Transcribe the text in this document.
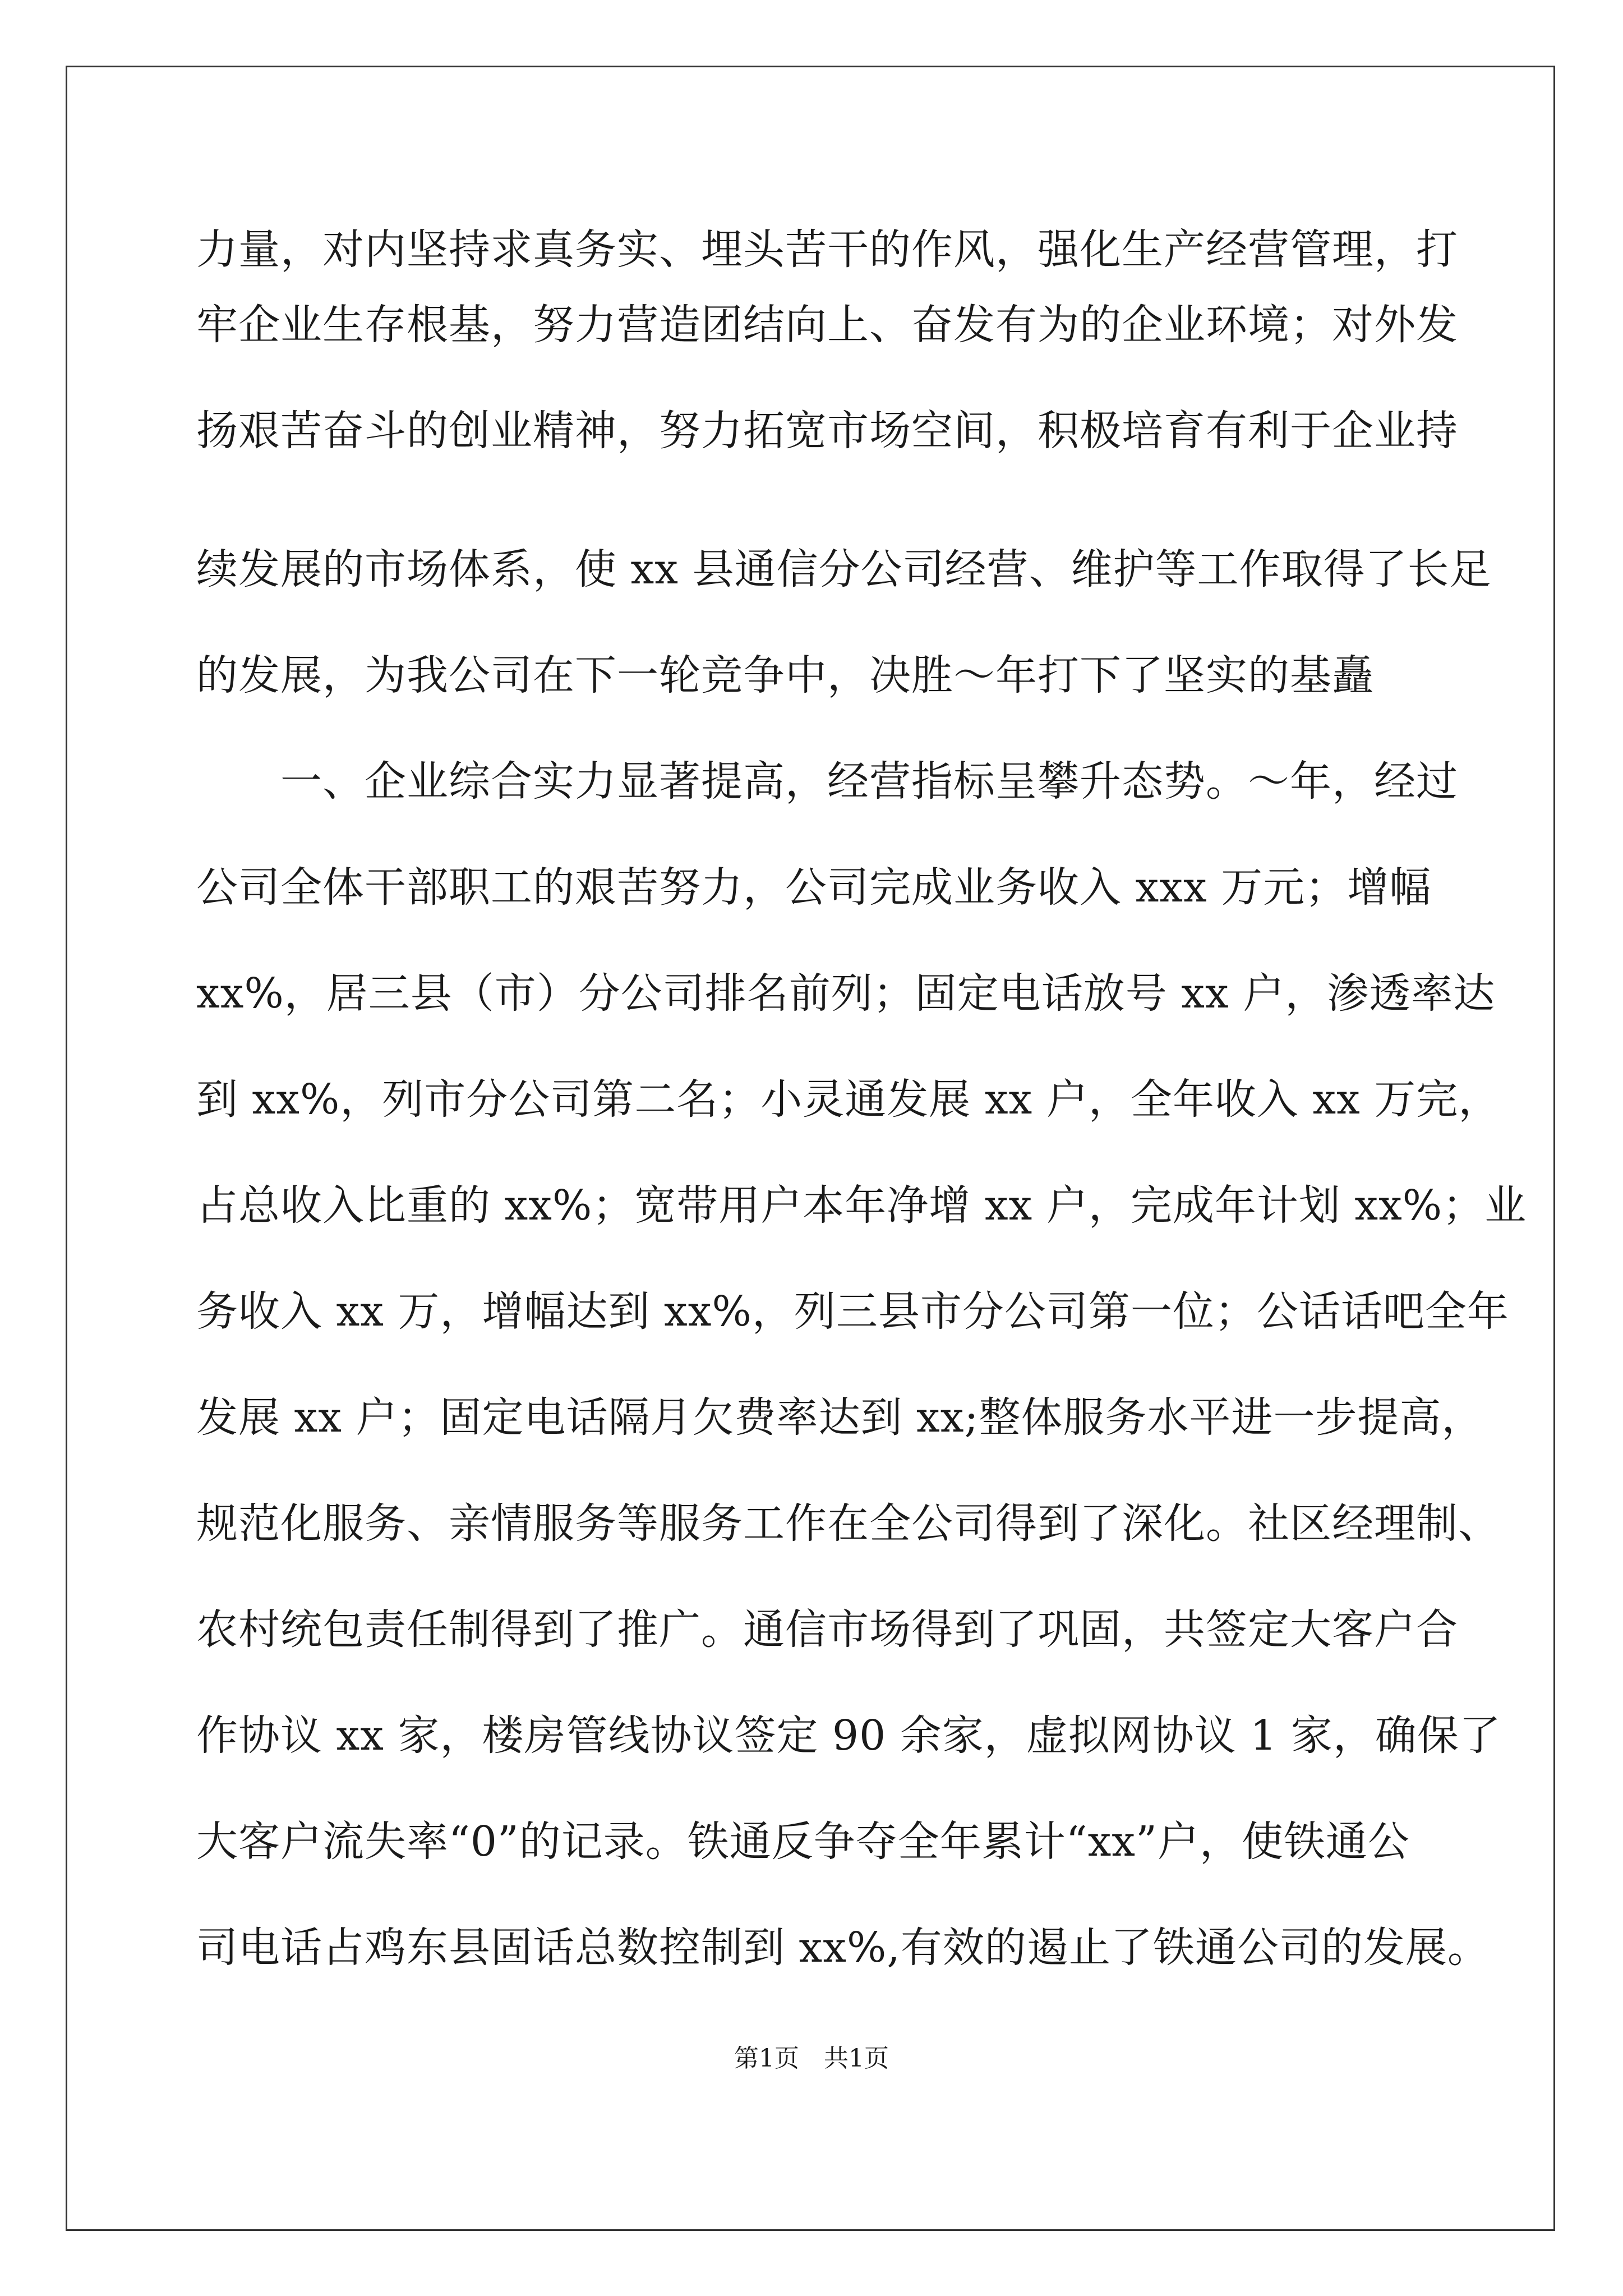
力量，对内坚持求真务实、埋头苦干的作风，强化生产经营管理，打
牢企业生存根基，努力营造团结向上、奋发有为的企业环境；对外发
扬艰苦奋斗的创业精神，努力拓宽市场空间，积极培育有利于企业持
续发展的市场体系，使 xx 县通信分公司经营、维护等工作取得了长足
的发展，为我公司在下一轮竞争中，决胜～年打下了坚实的基矗
　　一、企业综合实力显著提高，经营指标呈攀升态势。～年，经过
公司全体干部职工的艰苦努力，公司完成业务收入 xxx 万元；增幅
xx%，居三县（市）分公司排名前列；固定电话放号 xx 户，渗透率达
到 xx%，列市分公司第二名；小灵通发展 xx 户，全年收入 xx 万完，
占总收入比重的 xx%；宽带用户本年净增 xx 户，完成年计划 xx%；业
务收入 xx 万，增幅达到 xx%，列三县市分公司第一位；公话话吧全年
发展 xx 户；固定电话隔月欠费率达到 xx;整体服务水平进一步提高，
规范化服务、亲情服务等服务工作在全公司得到了深化。社区经理制、
农村统包责任制得到了推广。通信市场得到了巩固，共签定大客户合
作协议 xx 家，楼房管线协议签定 90 余家，虚拟网协议 1 家，确保了
大客户流失率“0”的记录。铁通反争夺全年累计“xx”户，使铁通公
司电话占鸡东县固话总数控制到 xx%,有效的遏止了铁通公司的发展。
第1页　共1页
